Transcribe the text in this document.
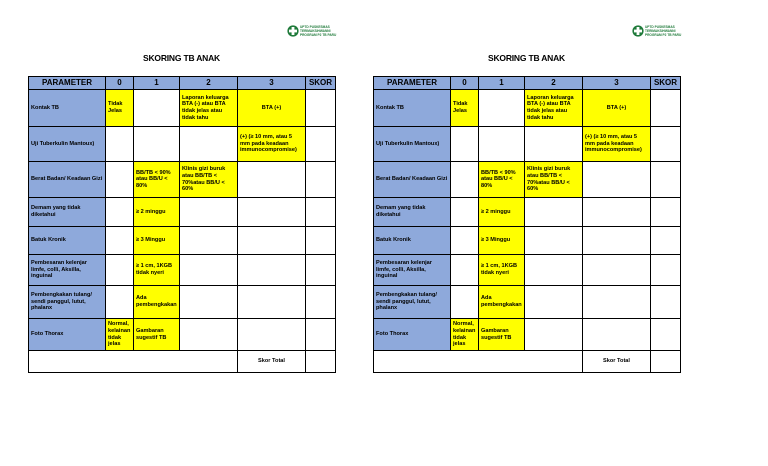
UPTD PUSKESMAS
TERIMAKSIHWANNI
PROGRAM P2 TB PARU
SKORING TB ANAK
PARAMETER	0	1	2	3	SKOR
Kontak TB	Tidak Jelas		Laporan keluarga BTA (-) atau BTA tidak jelas atau tidak tahu	BTA (+)	
Uji Tuberkulin Mantoux)				(+) (≥ 10 mm, atau 5 mm pada keadaan immunocompromise)	
Berat Badan/ Keadaan Gizi		BB/TB < 90% atau BB/U < 80%	Klinis gizi buruk atau BB/TB < 70%atau BB/U < 60%		
Demam yang tidak diketahui		≥ 2 minggu			
Batuk Kronik		≥ 3 Minggu			
Pembesaran kelenjar limfe, colli, Aksilla, inguinal		≥ 1 cm, 1KGB tidak nyeri			
Pembengkakan tulang/ sendi panggul, lutut, phalanx		Ada pembengkakan			
Foto Thorax	Normal, kelainan tidak jelas	Gambaran sugestif TB			
				Skor Total	
UPTD PUSKESMAS
TERIMAKSIHWANNI
PROGRAM P2 TB PARU
SKORING TB ANAK
PARAMETER	0	1	2	3	SKOR
Kontak TB	Tidak Jelas		Laporan keluarga BTA (-) atau BTA tidak jelas atau tidak tahu	BTA (+)	
Uji Tuberkulin Mantoux)				(+) (≥ 10 mm, atau 5 mm pada keadaan immunocompromise)	
Berat Badan/ Keadaan Gizi		BB/TB < 90% atau BB/U < 80%	Klinis gizi buruk atau BB/TB < 70%atau BB/U < 60%		
Demam yang tidak diketahui		≥ 2 minggu			
Batuk Kronik		≥ 3 Minggu			
Pembesaran kelenjar limfe, colli, Aksilla, inguinal		≥ 1 cm, 1KGB tidak nyeri			
Pembengkakan tulang/ sendi panggul, lutut, phalanx		Ada pembengkakan			
Foto Thorax	Normal, kelainan tidak jelas	Gambaran sugestif TB			
				Skor Total	
